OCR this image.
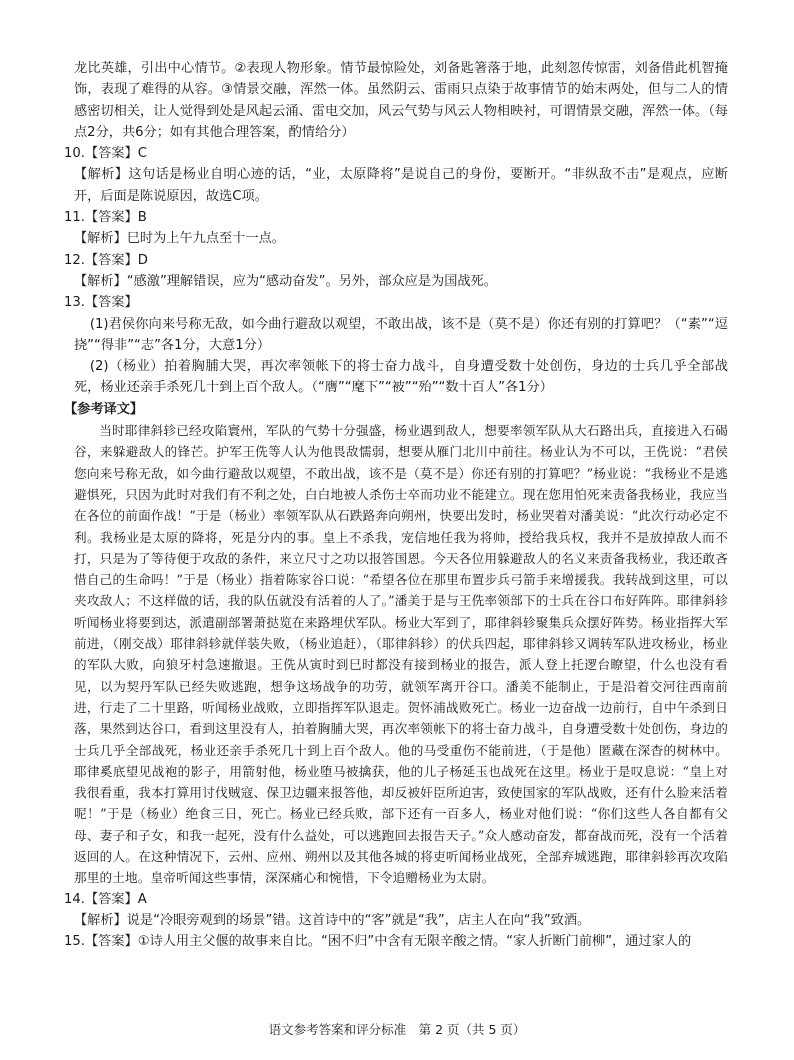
龙比英雄，引出中心情节。②表现人物形象。情节最惊险处，刘备匙箸落于地，此刻忽传惊雷，刘备借此机智掩饰，表现了难得的从容。③情景交融，浑然一体。虽然阴云、雷雨只点染于故事情节的始末两处，但与二人的情感密切相关，让人觉得到处是风起云涌、雷电交加，风云气势与风云人物相映衬，可谓情景交融，浑然一体。（每点2分，共6分；如有其他合理答案，酌情给分）

10.【答案】C

【解析】这句话是杨业自明心迹的话，“业，太原降将”是说自己的身份，要断开。“非纵敌不击”是观点，应断开，后面是陈说原因，故选C项。

11.【答案】B

【解析】巳时为上午九点至十一点。

12.【答案】D

【解析】“感激”理解错误，应为“感动奋发”。另外，部众应是为国战死。

13.【答案】

(1)君侯你向来号称无敌，如今曲行避敌以观望，不敢出战，该不是（莫不是）你还有别的打算吧？（“素”“逗挠”“得非”“志”各1分，大意1分）

(2)（杨业）拍着胸脯大哭，再次率领帐下的将士奋力战斗，自身遭受数十处创伤，身边的士兵几乎全部战死，杨业还亲手杀死几十到上百个敌人。（“膺”“麾下”“被”“殆”“数十百人”各1分）

【参考译文】

当时耶律斜轸已经攻陷寰州，军队的气势十分强盛，杨业遇到敌人，想要率领军队从大石路出兵，直接进入石碣谷，来躲避敌人的锋芒。护军王侁等人认为他畏敌懦弱，想要从雁门北川中前往。杨业认为不可以，王侁说：“君侯您向来号称无敌，如今曲行避敌以观望，不敢出战，该不是（莫不是）你还有别的打算吧？”杨业说：“我杨业不是逃避惧死，只因为此时对我们有不利之处，白白地被人杀伤士卒而功业不能建立。现在您用怕死来责备我杨业，我应当在各位的前面作战！”于是（杨业）率领军队从石跌路奔向朔州，快要出发时，杨业哭着对潘美说：“此次行动必定不利。我杨业是太原的降将，死是分内的事。皇上不杀我，宠信地任我为将帅，授给我兵权，我并不是放掉敌人而不打，只是为了等待便于攻敌的条件，来立尺寸之功以报答国恩。今天各位用躲避敌人的名义来责备我杨业，我还敢吝惜自己的生命吗！”于是（杨业）指着陈家谷口说：“希望各位在那里布置步兵弓箭手来增援我。我转战到这里，可以夹攻敌人；不这样做的话，我的队伍就没有活着的人了。”潘美于是与王侁率领部下的士兵在谷口布好阵阵。耶律斜轸听闻杨业将要到达，派遣副部署萧挞览在来路埋伏军队。杨业大军到了，耶律斜轸聚集兵众摆好阵势。杨业指挥大军前进，（刚交战）耶律斜轸就佯装失败，（杨业追赶），（耶律斜轸）的伏兵四起，耶律斜轸又调转军队进攻杨业，杨业的军队大败，向狼牙村急速撤退。王侁从寅时到巳时都没有接到杨业的报告，派人登上托逻台瞭望，什么也没有看见，以为契丹军队已经失败逃跑，想争这场战争的功劳，就领军离开谷口。潘美不能制止，于是沿着交河往西南前进，行走了二十里路，听闻杨业战败，立即指挥军队退走。贺怀浦战败死亡。杨业一边奋战一边前行，自中午杀到日落，果然到达谷口，看到这里没有人，拍着胸脯大哭，再次率领帐下的将士奋力战斗，自身遭受数十处创伤，身边的士兵几乎全部战死，杨业还亲手杀死几十到上百个敌人。他的马受重伤不能前进，（于是他）匿藏在深杳的树林中。耶律奚底望见战袍的影子，用箭射他，杨业堕马被擒获，他的儿子杨延玉也战死在这里。杨业于是叹息说：“皇上对我很看重，我本打算用讨伐贼寇、保卫边疆来报答他，却反被奸臣所迫害，致使国家的军队战败，还有什么脸来活着呢！”于是（杨业）绝食三日，死亡。杨业已经兵败，部下还有一百多人，杨业对他们说：“你们这些人各自都有父母、妻子和子女，和我一起死，没有什么益处，可以逃跑回去报告天子。”众人感动奋发，都奋战而死，没有一个活着返回的人。在这种情况下，云州、应州、朔州以及其他各城的将吏听闻杨业战死，全部弃城逃跑，耶律斜轸再次攻陷那里的土地。皇帝听闻这些事情，深深痛心和惋惜，下令追赠杨业为太尉。

14.【答案】A

【解析】说是“冷眼旁观到的场景”错。这首诗中的“客”就是“我”，店主人在向“我”致酒。

15.【答案】①诗人用主父偃的故事来自比。“困不归”中含有无限辛酸之情。“家人折断门前柳”，通过家人的

语文参考答案和评分标准　第 2 页（共 5 页）
